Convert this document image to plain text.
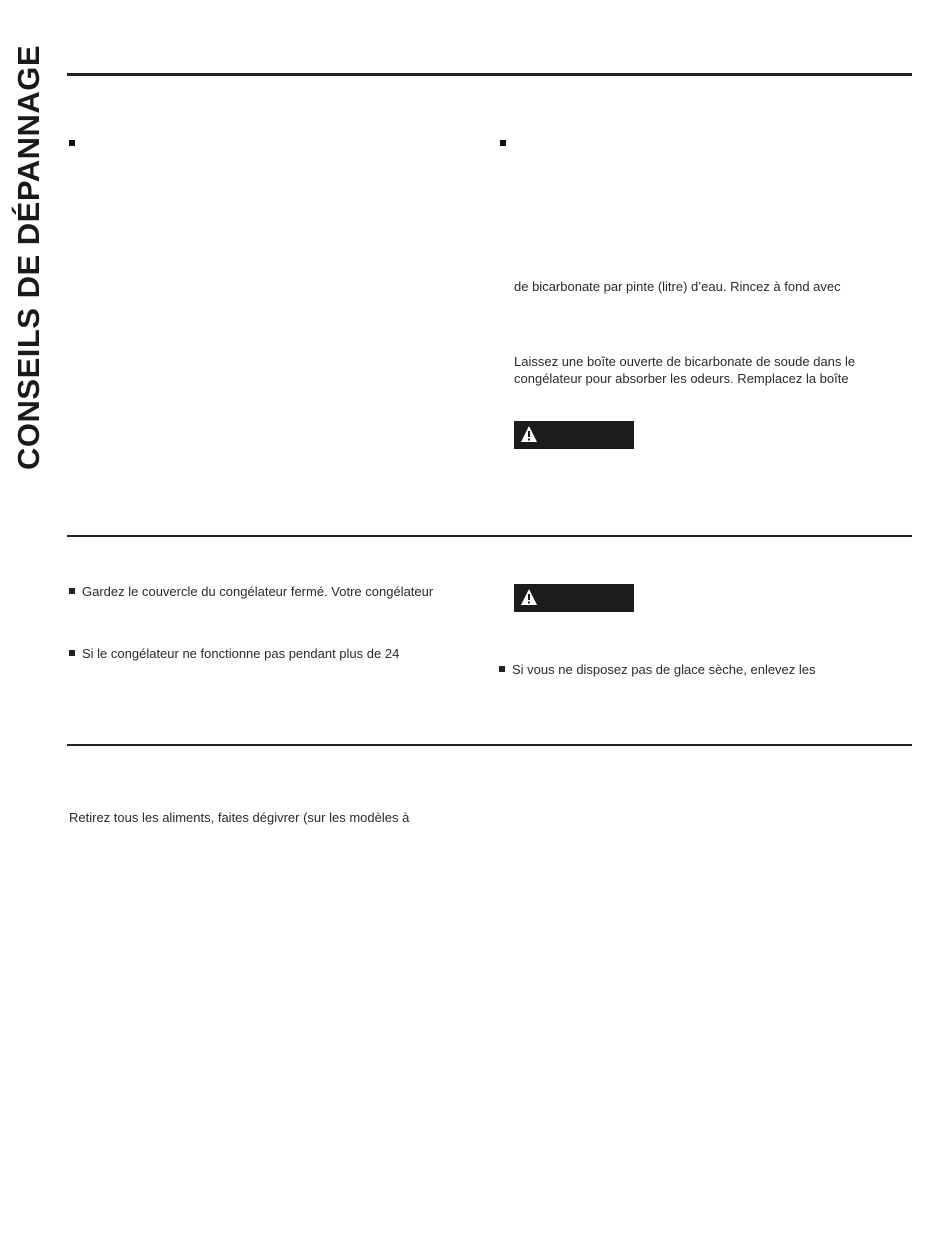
CONSEILS DE DÉPANNAGE	de bicarbonate par pinte (litre) d’eau. Rincez à fond avec
Laissez une boîte ouverte de bicarbonate de soude dans le
congélateur pour absorber les odeurs. Remplacez la boîte
Gardez le couvercle du congélateur fermé. Votre congélateur
Si le congélateur ne fonctionne pas pendant plus de 24
Si vous ne disposez pas de glace sèche, enlevez les
Retirez tous les aliments, faites dégivrer (sur les modèles à
